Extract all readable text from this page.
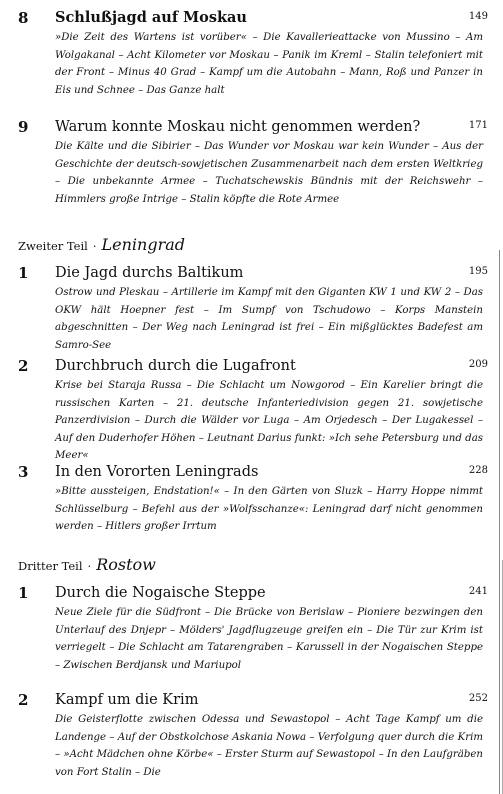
8 Schlußjagd auf Moskau	149
»Die Zeit des Wartens ist vorüber« – Die Kavallerieattacke von Mussino – Am Wolgakanal – Acht Kilometer vor Moskau – Panik im Kreml – Stalin telefoniert mit der Front – Minus 40 Grad – Kampf um die Autobahn – Mann, Roß und Panzer in Eis und Schnee – Das Ganze halt
9 Warum konnte Moskau nicht genommen werden?	171
Die Kälte und die Sibirier – Das Wunder vor Moskau war kein Wunder – Aus der Geschichte der deutsch-sowjetischen Zusammenarbeit nach dem ersten Weltkrieg – Die unbekannte Armee – Tuchatschewskis Bündnis mit der Reichswehr – Himmlers große Intrige – Stalin köpfte die Rote Armee
Zweiter Teil · Leningrad
1 Die Jagd durchs Baltikum	195
Ostrow und Pleskau – Artillerie im Kampf mit den Giganten KW 1 und KW 2 – Das OKW hält Hoepner fest – Im Sumpf von Tschudowo – Korps Manstein abgeschnitten – Der Weg nach Leningrad ist frei – Ein mißglücktes Badefest am Samro-See
2 Durchbruch durch die Lugafront	209
Krise bei Staraja Russa – Die Schlacht um Nowgorod – Ein Karelier bringt die russischen Karten – 21. deutsche Infanteriedivision gegen 21. sowjetische Panzerdivision – Durch die Wälder vor Luga – Am Orjedesch – Der Lugakessel – Auf den Duderhofer Höhen – Leutnant Darius funkt: »Ich sehe Petersburg und das Meer«
3 In den Vororten Leningrads	228
»Bitte aussteigen, Endstation!« – In den Gärten von Sluzk – Harry Hoppe nimmt Schlüsselburg – Befehl aus der »Wolfsschanze«: Leningrad darf nicht genommen werden – Hitlers großer Irrtum
Dritter Teil · Rostow
1 Durch die Nogaische Steppe	241
Neue Ziele für die Südfront – Die Brücke von Berislaw – Pioniere bezwingen den Unterlauf des Dnjepr – Mölders' Jagdflugzeuge greifen ein – Die Tür zur Krim ist verriegelt – Die Schlacht am Tatarengraben – Karussell in der Nogaischen Steppe – Zwischen Berdjansk und Mariupol
2 Kampf um die Krim	252
Die Geisterflotte zwischen Odessa und Sewastopol – Acht Tage Kampf um die Landenge – Auf der Obstkolchose Askania Nowa – Verfolgung quer durch die Krim – »Acht Mädchen ohne Körbe« – Erster Sturm auf Sewastopol – In den Laufgräben von Fort Stalin – Die
